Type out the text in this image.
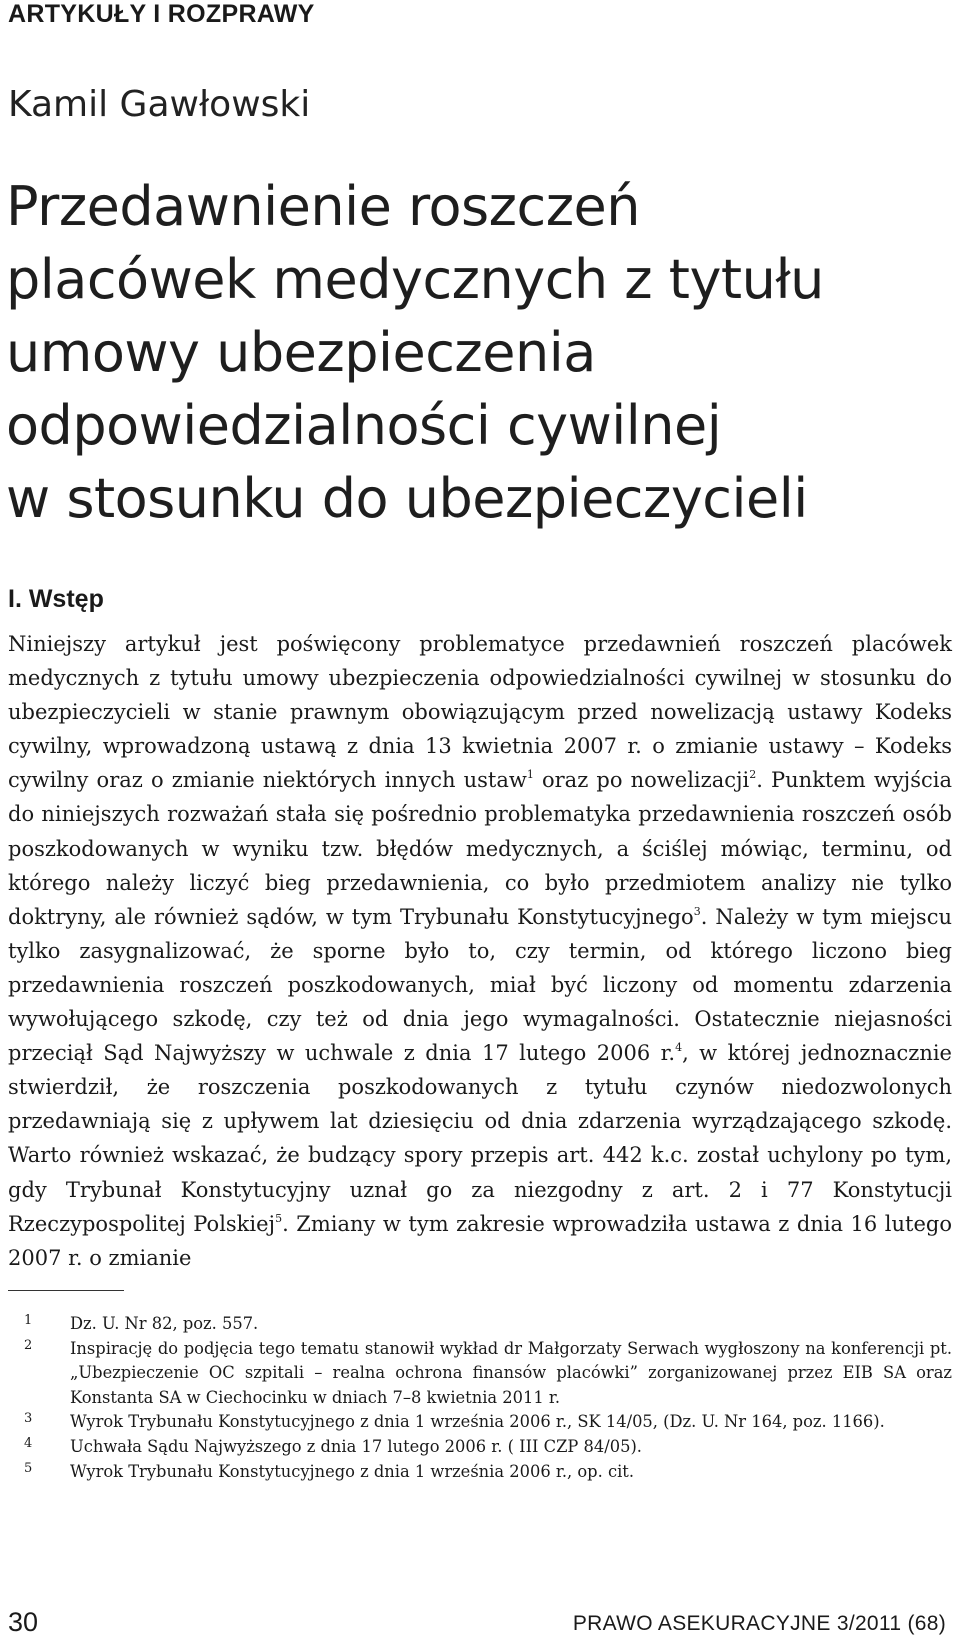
ARTYKUŁY I ROZPRAWY
Kamil Gawłowski
Przedawnienie roszczeń
placówek medycznych z tytułu
umowy ubezpieczenia
odpowiedzialności cywilnej
w stosunku do ubezpieczycieli
I. Wstęp

Niniejszy artykuł jest poświęcony problematyce przedawnień roszczeń placówek medycznych z tytułu umowy ubezpieczenia odpowiedzialności cywilnej w stosunku do ubezpieczycieli w stanie prawnym obowiązującym przed nowelizacją ustawy Kodeks cywilny, wprowadzoną ustawą z dnia 13 kwietnia 2007 r. o zmianie ustawy – Kodeks cywilny oraz o zmianie niektórych innych ustaw$^1$ oraz po nowelizacji$^2$. Punktem wyjścia do niniejszych rozważań stała się pośrednio problematyka przedawnienia roszczeń osób poszkodowanych w wyniku tzw. błędów medycznych, a ściślej mówiąc, terminu, od którego należy liczyć bieg przedawnienia, co było przedmiotem analizy nie tylko doktryny, ale również sądów, w tym Trybunału Konstytucyjnego$^3$. Należy w tym miejscu tylko zasygnalizować, że sporne było to, czy termin, od którego liczono bieg przedawnienia roszczeń poszkodowanych, miał być liczony od momentu zdarzenia wywołującego szkodę, czy też od dnia jego wymagalności. Ostatecznie niejasności przeciął Sąd Najwyższy w uchwale z dnia 17 lutego 2006 r.$^4$, w której jednoznacznie stwierdził, że roszczenia poszkodowanych z tytułu czynów niedozwolonych przedawniają się z upływem lat dziesięciu od dnia zdarzenia wyrządzającego szkodę. Warto również wskazać, że budzący spory przepis art. 442 k.c. został uchylony po tym, gdy Trybunał Konstytucyjny uznał go za niezgodny z art. 2 i 77 Konstytucji Rzeczypospolitej Polskiej$^5$. Zmiany w tym zakresie wprowadziła ustawa z dnia 16 lutego 2007 r. o zmianie

1 Dz. U. Nr 82, poz. 557.
2 Inspirację do podjęcia tego tematu stanowił wykład dr Małgorzaty Serwach wygłoszony na konferencji pt. „Ubezpieczenie OC szpitali – realna ochrona finansów placówki” zorganizowanej przez EIB SA oraz Konstanta SA w Ciechocinku w dniach 7–8 kwietnia 2011 r.
3 Wyrok Trybunału Konstytucyjnego z dnia 1 września 2006 r., SK 14/05, (Dz. U. Nr 164, poz. 1166).
4 Uchwała Sądu Najwyższego z dnia 17 lutego 2006 r. ( III CZP 84/05).
5 Wyrok Trybunału Konstytucyjnego z dnia 1 września 2006 r., op. cit.
30	PRAWO ASEKURACYJNE 3/2011 (68)
